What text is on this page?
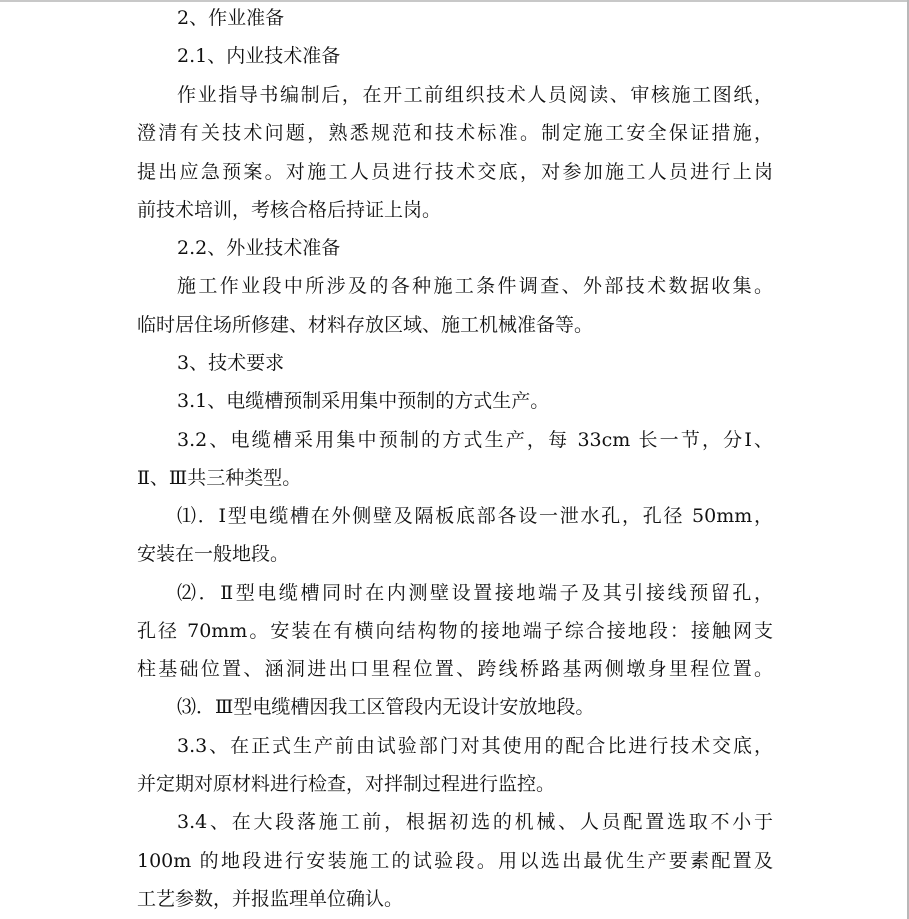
2、作业准备
2.1、内业技术准备
作业指导书编制后，在开工前组织技术人员阅读、审核施工图纸，
澄清有关技术问题，熟悉规范和技术标准。制定施工安全保证措施，
提出应急预案。对施工人员进行技术交底，对参加施工人员进行上岗
前技术培训，考核合格后持证上岗。
2.2、外业技术准备
施工作业段中所涉及的各种施工条件调查、外部技术数据收集。
临时居住场所修建、材料存放区域、施工机械准备等。
3、技术要求
3.1、电缆槽预制采用集中预制的方式生产。
3.2、电缆槽采用集中预制的方式生产，每 33cm 长一节，分Ⅰ、
Ⅱ、Ⅲ共三种类型。
⑴．Ⅰ型电缆槽在外侧壁及隔板底部各设一泄水孔，孔径 50mm，
安装在一般地段。
⑵．Ⅱ型电缆槽同时在内测壁设置接地端子及其引接线预留孔，
孔径 70mm。安装在有横向结构物的接地端子综合接地段：接触网支
柱基础位置、涵洞进出口里程位置、跨线桥路基两侧墩身里程位置。
⑶．Ⅲ型电缆槽因我工区管段内无设计安放地段。
3.3、在正式生产前由试验部门对其使用的配合比进行技术交底，
并定期对原材料进行检查，对拌制过程进行监控。
3.4、在大段落施工前，根据初选的机械、人员配置选取不小于
100m 的地段进行安装施工的试验段。用以选出最优生产要素配置及
工艺参数，并报监理单位确认。
